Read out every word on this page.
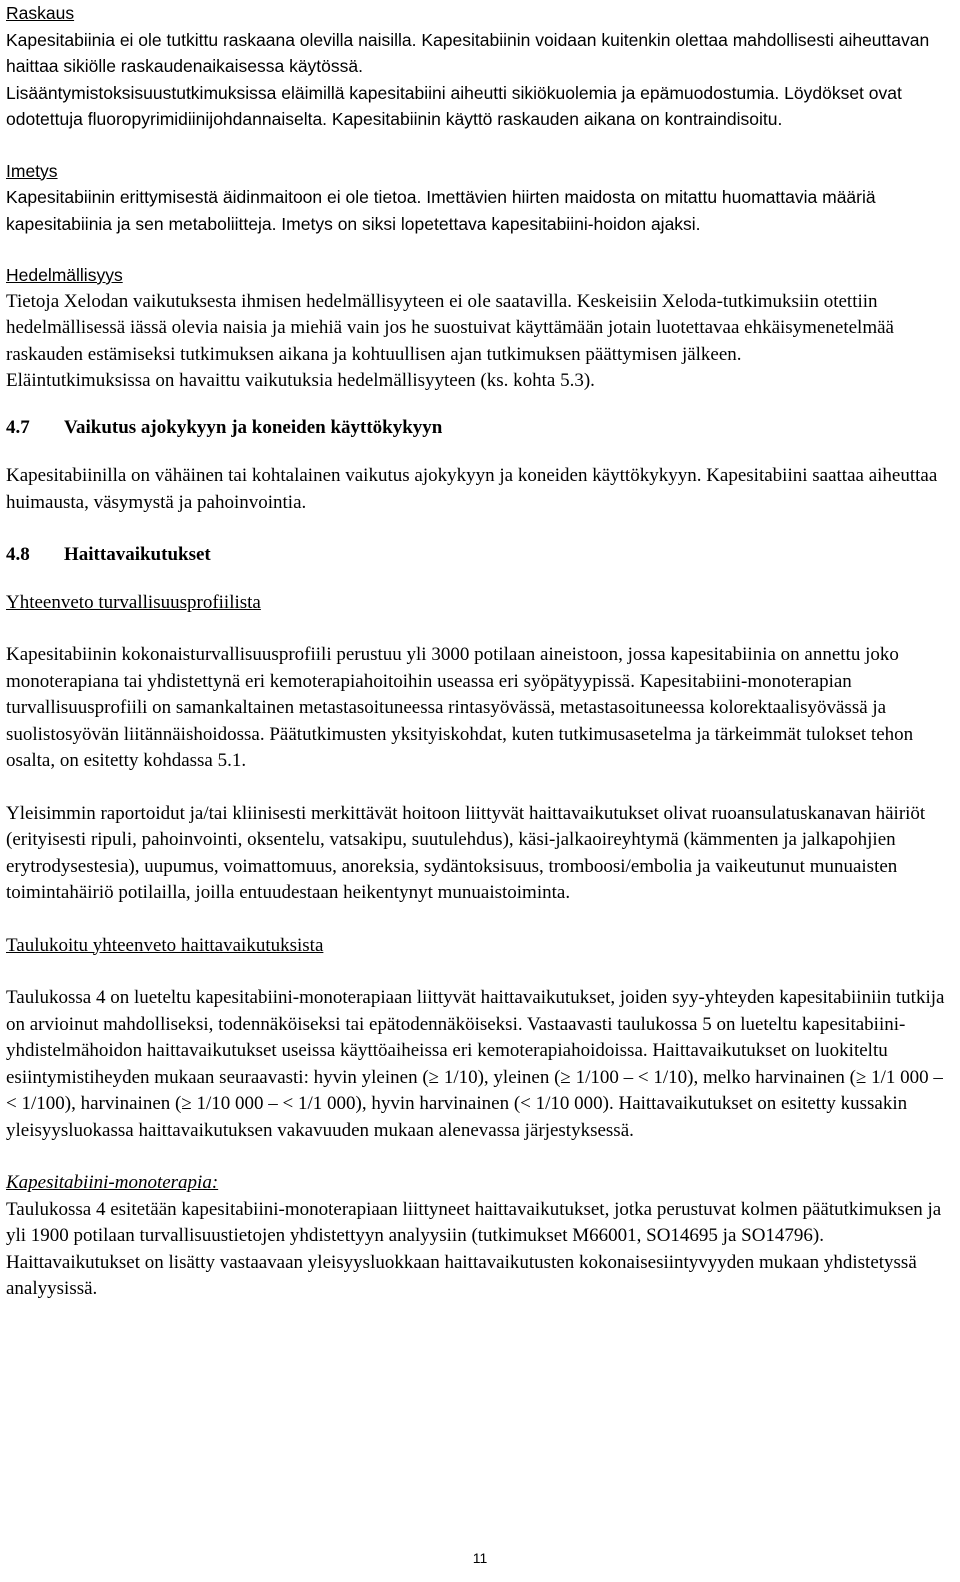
Raskaus

Kapesitabiinia ei ole tutkittu raskaana olevilla naisilla. Kapesitabiinin voidaan kuitenkin olettaa mahdollisesti aiheuttavan haittaa sikiölle raskaudenaikaisessa käytössä.

Lisääntymistoksisuustutkimuksissa eläimillä kapesitabiini aiheutti sikiökuolemia ja epämuodostumia. Löydökset ovat odotettuja fluoropyrimidiinijohdannaiselta. Kapesitabiinin käyttö raskauden aikana on kontraindisoitu.

Imetys

Kapesitabiinin erittymisestä äidinmaitoon ei ole tietoa. Imettävien hiirten maidosta on mitattu huomattavia määriä kapesitabiinia ja sen metaboliitteja. Imetys on siksi lopetettava kapesitabiini-hoidon ajaksi.

Hedelmällisyys

Tietoja Xelodan vaikutuksesta ihmisen hedelmällisyyteen ei ole saatavilla. Keskeisiin Xeloda-tutkimuksiin otettiin hedelmällisessä iässä olevia naisia ja miehiä vain jos he suostuivat käyttämään jotain luotettavaa ehkäisymenetelmää raskauden estämiseksi tutkimuksen aikana ja kohtuullisen ajan tutkimuksen päättymisen jälkeen.

Eläintutkimuksissa on havaittu vaikutuksia hedelmällisyyteen (ks. kohta 5.3).

4.7 Vaikutus ajokykyyn ja koneiden käyttökykyyn

Kapesitabiinilla on vähäinen tai kohtalainen vaikutus ajokykyyn ja koneiden käyttökykyyn. Kapesitabiini saattaa aiheuttaa huimausta, väsymystä ja pahoinvointia.

4.8 Haittavaikutukset

Yhteenveto turvallisuusprofiilista

Kapesitabiinin kokonaisturvallisuusprofiili perustuu yli 3000 potilaan aineistoon, jossa kapesitabiinia on annettu joko monoterapiana tai yhdistettynä eri kemoterapiahoitoihin useassa eri syöpätyypissä. Kapesitabiini-monoterapian turvallisuusprofiili on samankaltainen metastasoituneessa rintasyövässä, metastasoituneessa kolorektaalisyövässä ja suolistosyövän liitännäishoidossa. Päätutkimusten yksityiskohdat, kuten tutkimusasetelma ja tärkeimmät tulokset tehon osalta, on esitetty kohdassa 5.1.

Yleisimmin raportoidut ja/tai kliinisesti merkittävät hoitoon liittyvät haittavaikutukset olivat ruoansulatuskanavan häiriöt (erityisesti ripuli, pahoinvointi, oksentelu, vatsakipu, suutulehdus), käsi-jalkaoireyhtymä (kämmenten ja jalkapohjien erytrodysestesia), uupumus, voimattomuus, anoreksia, sydäntoksisuus, tromboosi/embolia ja vaikeutunut munuaisten toimintahäiriö potilailla, joilla entuudestaan heikentynyt munuaistoiminta.

Taulukoitu yhteenveto haittavaikutuksista

Taulukossa 4 on lueteltu kapesitabiini-monoterapiaan liittyvät haittavaikutukset, joiden syy-yhteyden kapesitabiiniin tutkija on arvioinut mahdolliseksi, todennäköiseksi tai epätodennäköiseksi. Vastaavasti taulukossa 5 on lueteltu kapesitabiini-yhdistelmähoidon haittavaikutukset useissa käyttöaiheissa eri kemoterapiahoidoissa. Haittavaikutukset on luokiteltu esiintymistiheyden mukaan seuraavasti: hyvin yleinen (≥ 1/10), yleinen (≥ 1/100 – < 1/10), melko harvinainen (≥ 1/1 000 – < 1/100), harvinainen (≥ 1/10 000 – < 1/1 000), hyvin harvinainen (< 1/10 000). Haittavaikutukset on esitetty kussakin yleisyysluokassa haittavaikutuksen vakavuuden mukaan alenevassa järjestyksessä.

Kapesitabiini-monoterapia:

Taulukossa 4 esitetään kapesitabiini-monoterapiaan liittyneet haittavaikutukset, jotka perustuvat kolmen päätutkimuksen ja yli 1900 potilaan turvallisuustietojen yhdistettyyn analyysiin (tutkimukset M66001, SO14695 ja SO14796). Haittavaikutukset on lisätty vastaavaan yleisyysluokkaan haittavaikutusten kokonaisesiintyvyyden mukaan yhdistetyssä analyysissä.

11
